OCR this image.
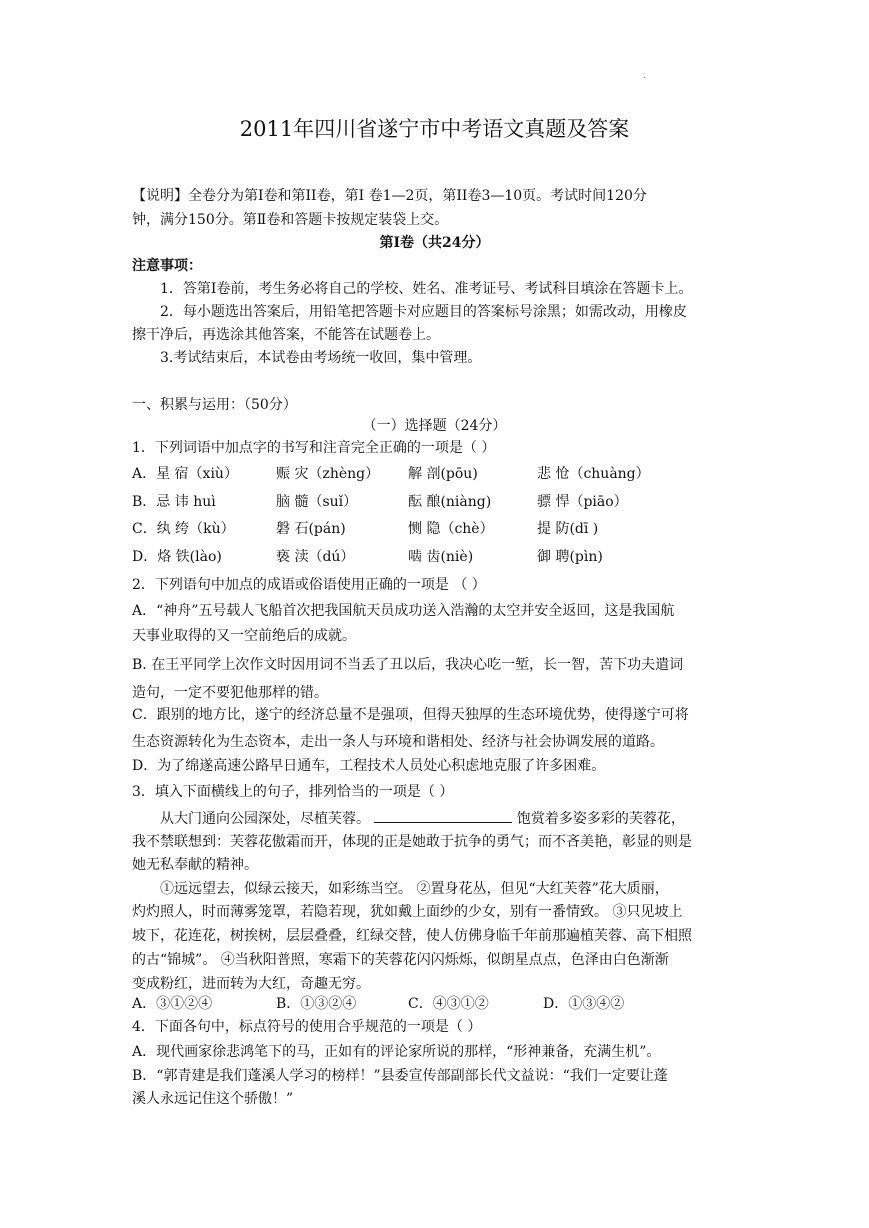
.
2011年四川省遂宁市中考语文真题及答案
【说明】全卷分为第Ⅰ卷和第II卷，第Ⅰ 卷1—2页，第II卷3—10页。考试时间120分
钟，满分150分。第Ⅱ卷和答题卡按规定装袋上交。
第Ⅰ卷（共24分）
注意事项：
1．答第Ⅰ卷前，考生务必将自己的学校、姓名、准考证号、考试科目填涂在答题卡上。
2．每小题选出答案后，用铅笔把答题卡对应题目的答案标号涂黑；如需改动，用橡皮
擦干净后，再选涂其他答案，不能答在试题卷上。
3.考试结束后，本试卷由考场统一收回，集中管理。
一、积累与运用：（50分）
（一）选择题（24分）
1．下列词语中加点字的书写和注音完全正确的一项是（ ）
A．星 宿（xiù）	赈 灾（zhèng） 解 剖(pōu)	悲 怆（chuàng）
B．忌 讳 huì	脑 髓（suǐ）	酝 酿(niàng)	骠 悍（piāo）
C．纨 绔（kù）	磐 石(pán)	恻 隐（chè）	提 防(dī )
D．烙 铁(lào)	亵 渎（dú）	啮 齿(niè)	御 聘(pìn)
2．下列语句中加点的成语或俗语使用正确的一项是 （ ）
A．“神舟”五号载人飞船首次把我国航天员成功送入浩瀚的太空并安全返回，这是我国航
天事业取得的又一空前绝后的成就。
B. 在王平同学上次作文时因用词不当丢了丑以后，我决心吃一堑，长一智，苦下功夫遣词
造句，一定不要犯他那样的错。
C．跟别的地方比，遂宁的经济总量不是强项，但得天独厚的生态环境优势，使得遂宁可将
生态资源转化为生态资本，走出一条人与环境和谐相处、经济与社会协调发展的道路。
D．为了绵遂高速公路早日通车，工程技术人员处心积虑地克服了许多困难。
3．填入下面横线上的句子，排列恰当的一项是（ ）
从大门通向公园深处，尽植芙蓉。	饱赏着多姿多彩的芙蓉花，
我不禁联想到：芙蓉花傲霜而开，体现的正是她敢于抗争的勇气；而不吝美艳，彰显的则是
她无私奉献的精神。
①远远望去，似绿云接天，如彩练当空。 ②置身花丛，但见“大红芙蓉”花大质丽，
灼灼照人，时而薄雾笼罩，若隐若现，犹如戴上面纱的少女，别有一番情致。 ③只见坡上
坡下，花连花，树挨树，层层叠叠，红绿交替，使人仿佛身临千年前那遍植芙蓉、高下相照
的古“锦城”。 ④当秋阳普照，寒霜下的芙蓉花闪闪烁烁，似朗星点点，色泽由白色渐渐
变成粉红，进而转为大红，奇趣无穷。
A．③①②④	B．①③②④	C．④③①②	D．①③④②
4．下面各句中，标点符号的使用合乎规范的一项是（ ）
A．现代画家徐悲鸿笔下的马，正如有的评论家所说的那样，“形神兼备，充满生机”。
B．“郭青建是我们蓬溪人学习的榜样！”县委宣传部副部长代文益说：“我们一定要让蓬
溪人永远记住这个骄傲！”
